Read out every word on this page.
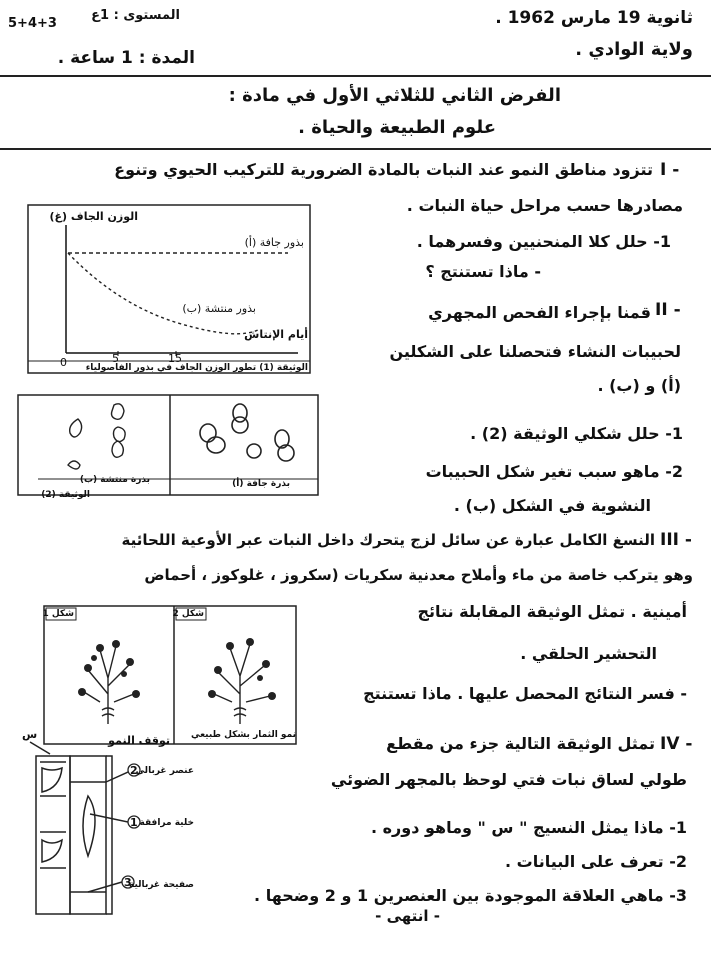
ثانوية 19 مارس 1962 .
ولاية الوادي .
المستوى : 1ع
5+4+3
المدة : 1 ساعة .
الفرض الثاني للثلاثي الأول في مادة :
علوم الطبيعة والحياة .
I -
تتزود مناطق النمو عند النبات بالمادة الضرورية للتركيب الحيوي وتنوع
مصادرها حسب مراحل حياة النبات .
1- حلل كلا المنحنيين وفسرهما .
- ماذا تستنتج ؟
الوزن الجاف (غ)
0	5	15
أيام الإنتاش
بذور جافة (أ)
بذور منتشة (ب)
الوثيقة (1) تطور الوزن الجاف في بذور الفاصولياء
II -
قمنا بإجراء الفحص المجهري
لحبيبات النشاء فتحصلنا على الشكلين
(أ) و (ب) .
1- حلل شكلي الوثيقة (2) .
2- ماهو سبب تغير شكل الحبيبات
النشوية في الشكل (ب) .
بذرة منتشة (ب)	بذرة جافة (أ)
الوثيقة (2)
III -
النسغ الكامل عبارة عن سائل لزج يتحرك داخل النبات عبر الأوعية اللحائية
وهو يتركب خاصة من ماء وأملاح معدنية سكريات (سكروز ، غلوكوز ، أحماض
أمينية . تمثل الوثيقة المقابلة نتائج
التحشير الحلقي .
- فسر النتائج المحصل عليها . ماذا تستنتج
شكل 1	شكل 2
توقف النمو	نمو الثمار بشكل طبيعي	IV -
تمثل الوثيقة التالية جزء من مقطع
طولي لساق نبات فتي لوحظ بالمجهر الضوئي
1- ماذا يمثل النسيج " س " وماهو دوره .
2- تعرف على البيانات .
3- ماهي العلاقة الموجودة بين العنصرين 1 و 2 وضحها .
س
2
1
3
عنصر غربالي
خلية مرافقة
صفيحة غربالية
- انتهى -
